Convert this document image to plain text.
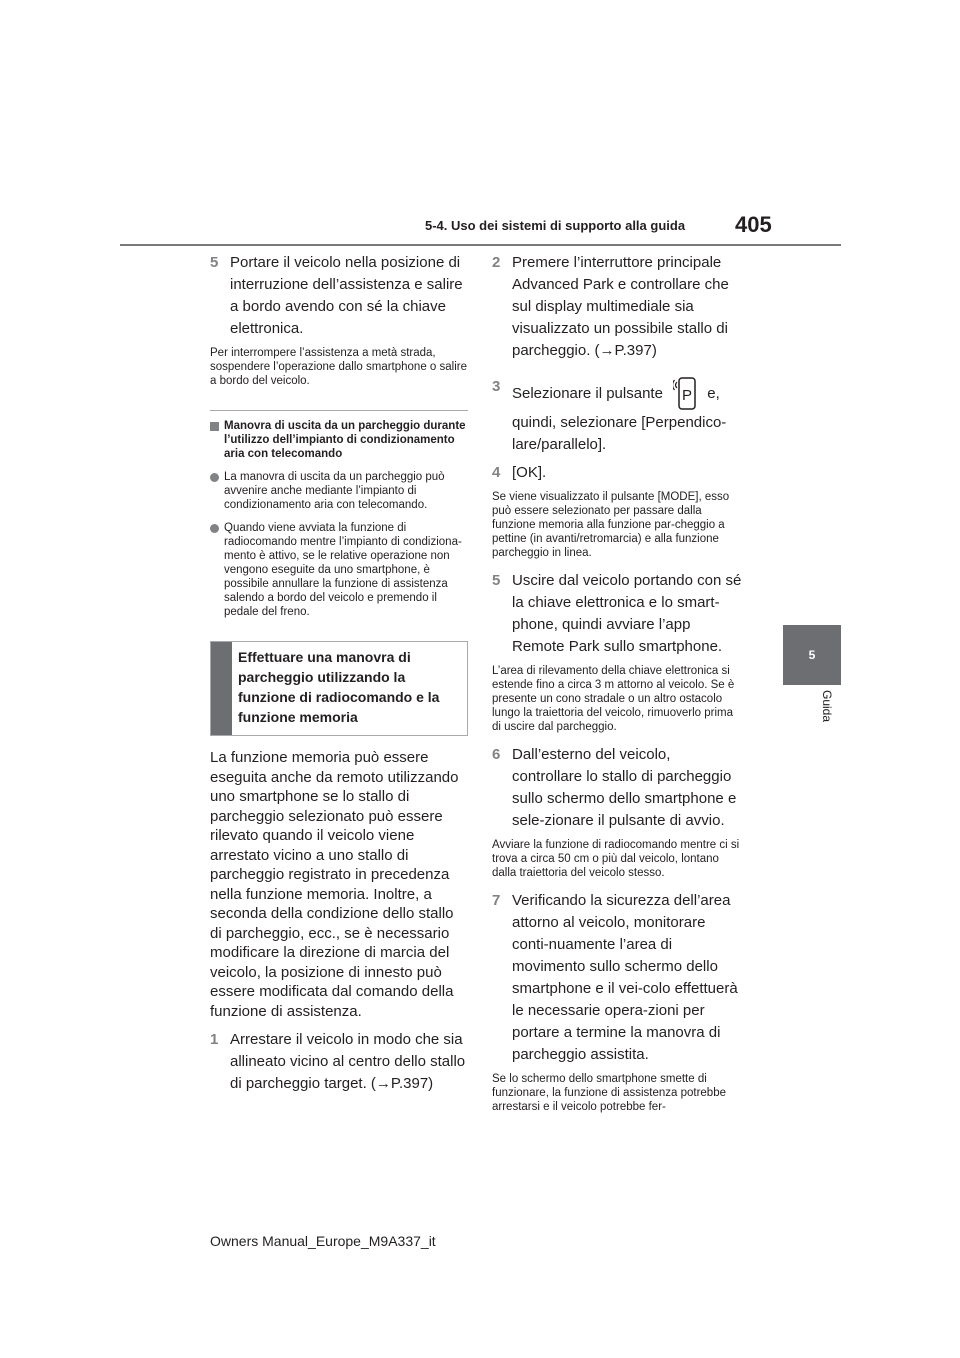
5-4. Uso dei sistemi di supporto alla guida 405
5
Guida
5 Portare il veicolo nella posizione di interruzione dell’assistenza e salire a bordo avendo con sé la chiave elettronica.

Per interrompere l’assistenza a metà strada, sospendere l’operazione dallo smartphone o salire a bordo del veicolo.

Manovra di uscita da un parcheggio durante l’utilizzo dell’impianto di condizionamento aria con telecomando
La manovra di uscita da un parcheggio può avvenire anche mediante l’impianto di condizionamento aria con telecomando.
Quando viene avviata la funzione di radiocomando mentre l’impianto di condiziona-mento è attivo, se le relative operazione non vengono eseguite da uno smartphone, è possibile annullare la funzione di assistenza salendo a bordo del veicolo e premendo il pedale del freno.
Effettuare una manovra di parcheggio utilizzando la funzione di radiocomando e la funzione memoria
La funzione memoria può essere eseguita anche da remoto utilizzando uno smartphone se lo stallo di parcheggio selezionato può essere rilevato quando il veicolo viene arrestato vicino a uno stallo di parcheggio registrato in precedenza nella funzione memoria. Inoltre, a seconda della condizione dello stallo di parcheggio, ecc., se è necessario modificare la direzione di marcia del veicolo, la posizione di innesto può essere modificata dal comando della funzione di assistenza.
1 Arrestare il veicolo in modo che sia allineato vicino al centro dello stallo di parcheggio target. (→P.397)
2 Premere l’interruttore principale Advanced Park e controllare che sul display multimediale sia visualizzato un possibile stallo di parcheggio. (→P.397)
3 Selezionare il pulsante P e, quindi, selezionare [Perpendico-lare/parallelo].
4 [OK].

Se viene visualizzato il pulsante [MODE], esso può essere selezionato per passare dalla funzione memoria alla funzione par-cheggio a pettine (in avanti/retromarcia) e alla funzione parcheggio in linea.

5 Uscire dal veicolo portando con sé la chiave elettronica e lo smart-phone, quindi avviare l’app Remote Park sullo smartphone.

L’area di rilevamento della chiave elettronica si estende fino a circa 3 m attorno al veicolo. Se è presente un cono stradale o un altro ostacolo lungo la traiettoria del veicolo, rimuoverlo prima di uscire dal parcheggio.

6 Dall’esterno del veicolo, controllare lo stallo di parcheggio sullo schermo dello smartphone e sele-zionare il pulsante di avvio.

Avviare la funzione di radiocomando mentre ci si trova a circa 50 cm o più dal veicolo, lontano dalla traiettoria del veicolo stesso.

7 Verificando la sicurezza dell’area attorno al veicolo, monitorare conti-nuamente l’area di movimento sullo schermo dello smartphone e il vei-colo effettuerà le necessarie opera-zioni per portare a termine la manovra di parcheggio assistita.

Se lo schermo dello smartphone smette di funzionare, la funzione di assistenza potrebbe arrestarsi e il veicolo potrebbe fer-

Owners Manual_Europe_M9A337_it
